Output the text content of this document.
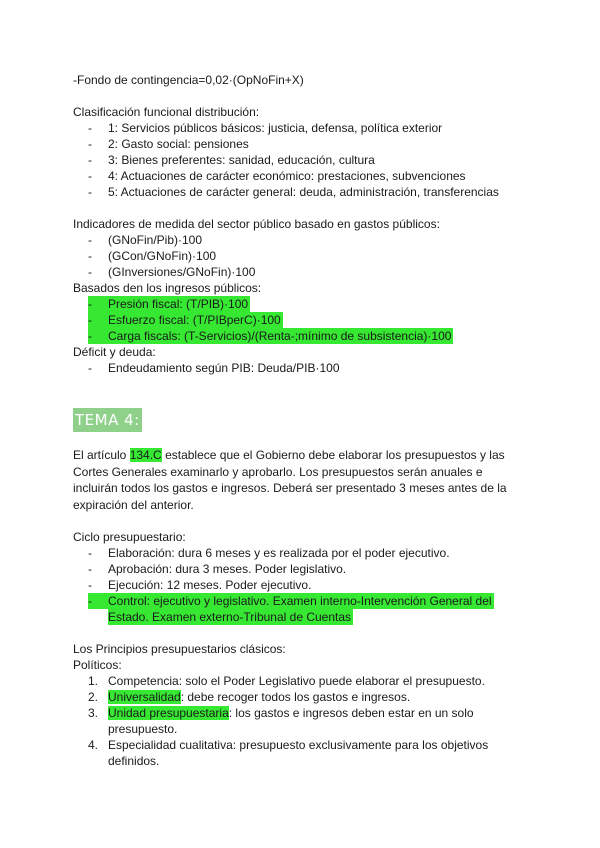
-Fondo de contingencia=0,02·(OpNoFin+X)
Clasificación funcional distribución:
- 1: Servicios públicos básicos: justicia, defensa, política exterior
- 2: Gasto social: pensiones
- 3: Bienes preferentes: sanidad, educación, cultura
- 4: Actuaciones de carácter económico: prestaciones, subvenciones
- 5: Actuaciones de carácter general: deuda, administración, transferencias
Indicadores de medida del sector público basado en gastos públicos:
- (GNoFin/Pib)·100
- (GCon/GNoFin)·100
- (GInversiones/GNoFin)·100
Basados den los ingresos públicos:
- Presión fiscal: (T/PIB)·100
- Esfuerzo fiscal: (T/PIBperC)·100
- Carga fiscals: (T-Servicios)/(Renta-;mínimo de subsistencia)·100
Déficit y deuda:
- Endeudamiento según PIB: Deuda/PIB·100
TEMA 4:
El artículo 134.C establece que el Gobierno debe elaborar los presupuestos y las Cortes Generales examinarlo y aprobarlo. Los presupuestos serán anuales e incluirán todos los gastos e ingresos. Deberá ser presentado 3 meses antes de la expiración del anterior.
Ciclo presupuestario:
- Elaboración: dura 6 meses y es realizada por el poder ejecutivo.
- Aprobación: dura 3 meses. Poder legislativo.
- Ejecución: 12 meses. Poder ejecutivo.
- Control: ejecutivo y legislativo. Examen interno-Intervención General del
Estado. Examen externo-Tribunal de Cuentas
Los Principios presupuestarios clásicos:
Políticos:
1. Competencia: solo el Poder Legislativo puede elaborar el presupuesto.
2. Universalidad: debe recoger todos los gastos e ingresos.
3. Unidad presupuestaria: los gastos e ingresos deben estar en un solo
presupuesto.
4. Especialidad cualitativa: presupuesto exclusivamente para los objetivos
definidos.
